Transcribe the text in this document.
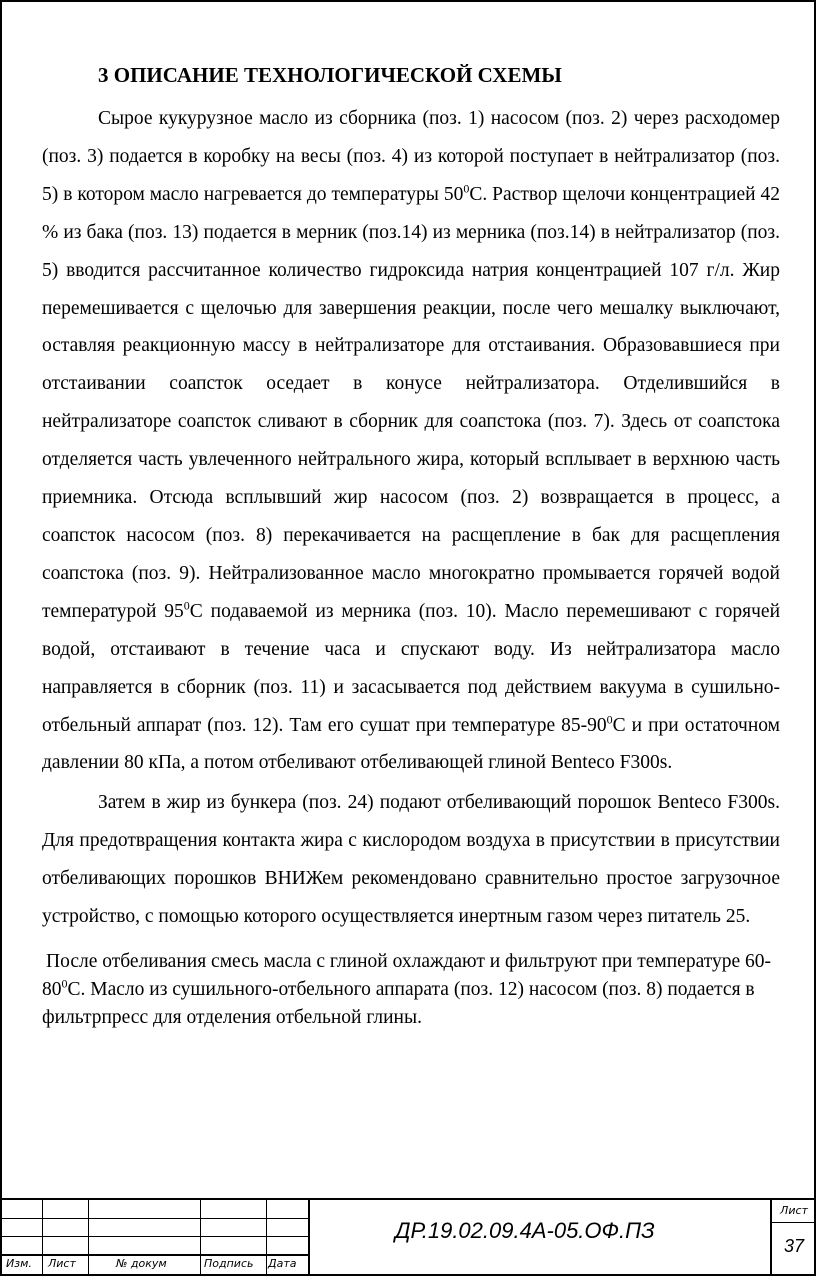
3 ОПИСАНИЕ ТЕХНОЛОГИЧЕСКОЙ СХЕМЫ

Сырое кукурузное масло из сборника (поз. 1) насосом (поз. 2) через расходомер (поз. 3) подается в коробку на весы (поз. 4) из которой поступает в нейтрализатор (поз. 5) в котором масло нагревается до температуры $50^0С$. Раствор щелочи концентрацией 42 % из бака (поз. 13) подается в мерник (поз.14) из мерника (поз.14) в нейтрализатор (поз. 5) вводится рассчитанное количество гидроксида натрия концентрацией 107 г/л. Жир перемешивается с щелочью для завершения реакции, после чего мешалку выключают, оставляя реакционную массу в нейтрализаторе для отстаивания. Образовавшиеся при отстаивании соапсток оседает в конусе нейтрализатора. Отделившийся в нейтрализаторе соапсток сливают в сборник для соапстока (поз. 7). Здесь от соапстока отделяется часть увлеченного нейтрального жира, который всплывает в верхнюю часть приемника. Отсюда всплывший жир насосом (поз. 2) возвращается в процесс, а соапсток насосом (поз. 8) перекачивается на расщепление в бак для расщепления соапстока (поз. 9). Нейтрализованное масло многократно промывается горячей водой температурой $95^0С$ подаваемой из мерника (поз. 10). Масло перемешивают с горячей водой, отстаивают в течение часа и спускают воду. Из нейтрализатора масло направляется в сборник (поз. 11) и засасывается под действием вакуума в сушильно-отбельный аппарат (поз. 12). Там его сушат при температуре $85-90^0С$ и при остаточном давлении 80 кПа, а потом отбеливают отбеливающей глиной Benteco F300s.

Затем в жир из бункера (поз. 24) подают отбеливающий порошок Benteco F300s. Для предотвращения контакта жира с кислородом воздуха в присутствии в присутствии отбеливающих порошков ВНИЖем рекомендовано сравнительно простое загрузочное устройство, с помощью которого осуществляется инертным газом через питатель 25.

После отбеливания смесь масла с глиной охлаждают и фильтруют при температуре $60-80^0С$. Масло из сушильного-отбельного аппарата (поз. 12) насосом (поз. 8) подается в фильтрпресс для отделения отбельной глины.

Изм. Лист	№ докум	Подпись Дата
ДР.19.02.09.4А-05.ОФ.ПЗ
Лист
37
